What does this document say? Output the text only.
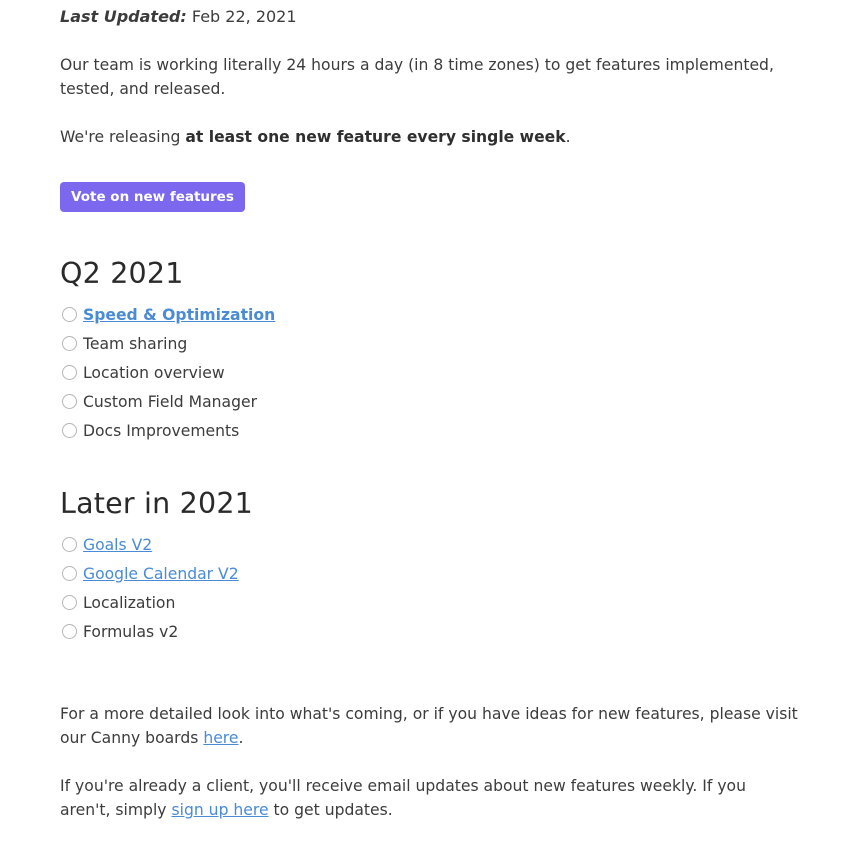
Last Updated: Feb 22, 2021

Our team is working literally 24 hours a day (in 8 time zones) to get features implemented, tested, and released.

We're releasing at least one new feature every single week.

Vote on new features
Q2 2021
Speed & Optimization
Team sharing
Location overview
Custom Field Manager
Docs Improvements
Later in 2021
Goals V2
Google Calendar V2
Localization
Formulas v2

For a more detailed look into what's coming, or if you have ideas for new features, please visit our Canny boards here.

If you're already a client, you'll receive email updates about new features weekly. If you aren't, simply sign up here to get updates.
